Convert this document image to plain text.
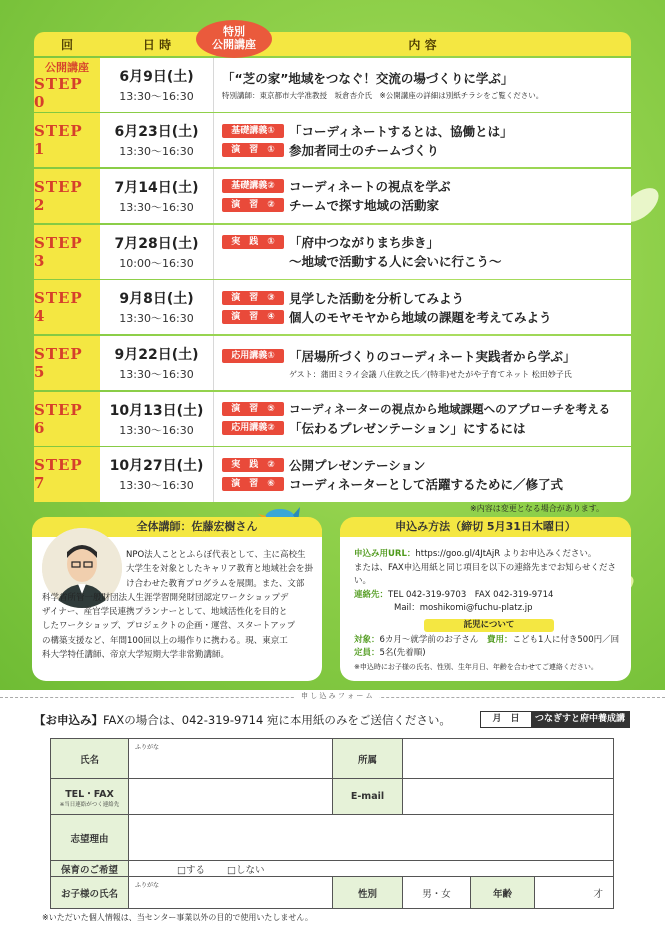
回	日 時	内 容
特別
公開講座
公開講座
STEP 0
6月9日(土)
13:30～16:30
「“芝の家”地域をつなぐ！交流の場づくりに学ぶ」
特別講師：東京都市大学准教授　坂倉杏介氏　※公開講座の詳細は別紙チラシをご覧ください。
STEP 1
6月23日(土)
13:30～16:30
基礎講義①	「コーディネートするとは、協働とは」
演　習　①	参加者同士のチームづくり
STEP 2
7月14日(土)
13:30～16:30
基礎講義②	コーディネートの視点を学ぶ
演　習　②	チームで探す地域の活動家
STEP 3
7月28日(土)
10:00～16:30
実　践　①	「府中つながりまち歩き」
～地域で活動する人に会いに行こう～
STEP 4
9月8日(土)
13:30～16:30
演　習　③	見学した活動を分析してみよう
演　習　④	個人のモヤモヤから地域の課題を考えてみよう
STEP 5
9月22日(土)
13:30～16:30
応用講義①	「居場所づくりのコーディネート実践者から学ぶ」
ゲスト：蒲田ミライ会議 八住敦之氏／(特非)せたがや子育てネット 松田妙子氏
STEP 6
10月13日(土)
13:30～16:30
演　習　⑤	コーディネーターの視点から地域課題へのアプローチを考える
応用講義②	「伝わるプレゼンテーション」にするには
STEP 7
10月27日(土)
13:30～16:30
実　践　②	公開プレゼンテーション
演　習　⑥	コーディネーターとして活躍するために／修了式
※内容は変更となる場合があります。
全体講師：佐藤宏樹さん
NPO法人こととふらぼ代表として、主に高校生
大学生を対象としたキャリア教育と地域社会を掛
け合わせた教育プログラムを展開。また、文部
科学省所管一般財団法人生涯学習開発財団認定ワークショップデ
ザイナー、産官学民連携プランナーとして、地域活性化を目的と
したワークショップ、プロジェクトの企画・運営、スタートアップ
の構築支援など、年間100回以上の場作りに携わる。現、東京工
科大学特任講師、帝京大学短期大学非常勤講師。
申込み方法（締切 5月31日木曜日）
申込み用URL：https://goo.gl/4JtAjR よりお申込みください。
または、FAX申込用紙と同じ項目を以下の連絡先までお知らせください。
連絡先：TEL 042-319-9703　FAX 042-319-9714
Mail：moshikomi@fuchu-platz.jp
託児について
対象：6カ月～就学前のお子さん　 費用：こども1人に付き500円／回
定員：5名(先着順)
※申込時にお子様の氏名、性別、生年月日、年齢を合わせてご連絡ください。
申 し 込 み フ ォ ー ム
【お申込み】FAXの場合は、042-319-9714 宛に本用紙のみをご送信ください。	月　日	つなぎすと府中養成講座
氏名	ふりがな	所属			

TEL・FAX
※当日連絡がつく連絡先		E-mail			
志望理由					
保育のご希望	□する　　 □しない				
お子様の氏名	ふりがな	性別	男・女	年齢	才
※いただいた個人情報は、当センター事業以外の目的で使用いたしません。
